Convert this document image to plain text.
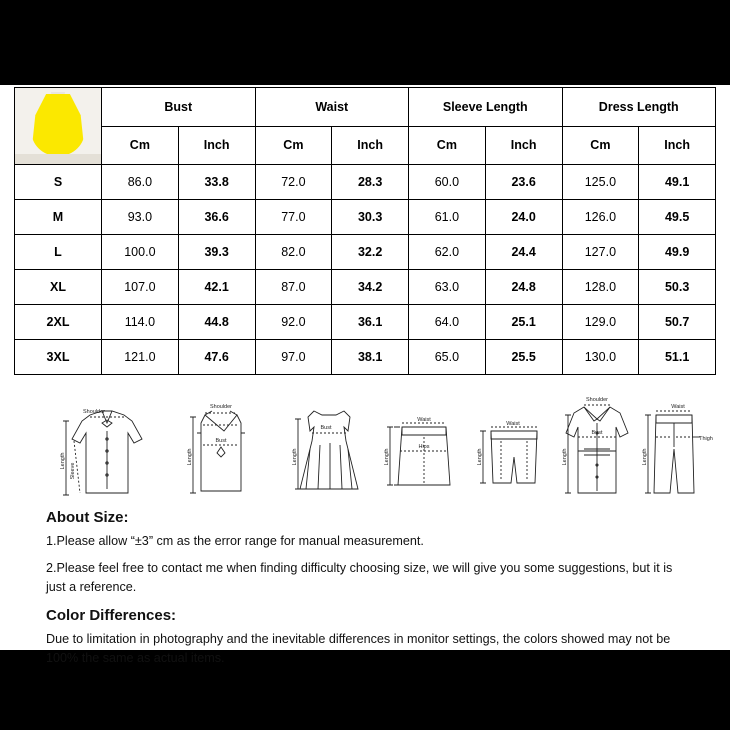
	Bust		Waist		Sleeve Length		Dress Length	
	Cm	Inch	Cm	Inch	Cm	Inch	Cm	Inch
S	86.0	33.8	72.0	28.3	60.0	23.6	125.0	49.1
M	93.0	36.6	77.0	30.3	61.0	24.0	126.0	49.5
L	100.0	39.3	82.0	32.2	62.0	24.4	127.0	49.9
XL	107.0	42.1	87.0	34.2	63.0	24.8	128.0	50.3
2XL	114.0	44.8	92.0	36.1	64.0	25.1	129.0	50.7
3XL	121.0	47.6	97.0	38.1	65.0	25.5	130.0	51.1
Shoulder
Length
Sleeve
Shoulder
Bust
Length
Bust
Length
Waist
Hips
Length
Waist
Length
Shoulder
Bust
Length
Waist
Thigh
Length
About Size:

1.Please allow “±3” cm as the error range for manual measurement.

2.Please feel free to contact me when finding difficulty choosing size, we will give you some suggestions, but it is just a reference.

Color Differences:

Due to limitation in photography and the inevitable differences in monitor settings, the colors showed may not be 100% the same as actual items.
